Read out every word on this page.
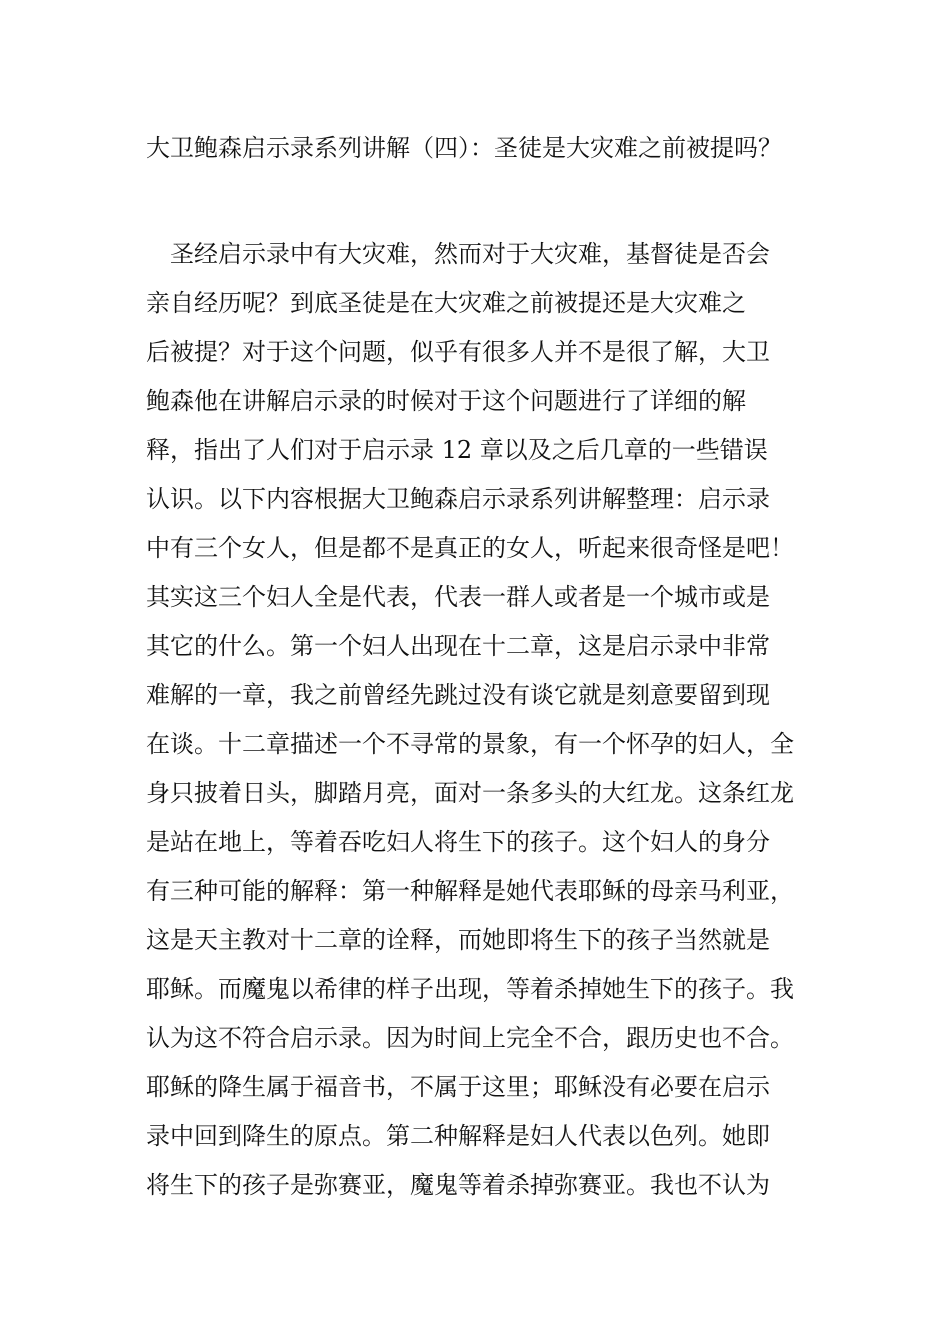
大卫鲍森启示录系列讲解（四）：圣徒是大灾难之前被提吗？
圣经启示录中有大灾难，然而对于大灾难，基督徒是否会
亲自经历呢？到底圣徒是在大灾难之前被提还是大灾难之
后被提？对于这个问题，似乎有很多人并不是很了解，大卫
鲍森他在讲解启示录的时候对于这个问题进行了详细的解
释，指出了人们对于启示录 12 章以及之后几章的一些错误
认识。以下内容根据大卫鲍森启示录系列讲解整理：启示录
中有三个女人，但是都不是真正的女人，听起来很奇怪是吧！
其实这三个妇人全是代表，代表一群人或者是一个城市或是
其它的什么。第一个妇人出现在十二章，这是启示录中非常
难解的一章，我之前曾经先跳过没有谈它就是刻意要留到现
在谈。十二章描述一个不寻常的景象，有一个怀孕的妇人，全
身只披着日头，脚踏月亮，面对一条多头的大红龙。这条红龙
是站在地上，等着吞吃妇人将生下的孩子。这个妇人的身分
有三种可能的解释：第一种解释是她代表耶稣的母亲马利亚，
这是天主教对十二章的诠释，而她即将生下的孩子当然就是
耶稣。而魔鬼以希律的样子出现，等着杀掉她生下的孩子。我
认为这不符合启示录。因为时间上完全不合，跟历史也不合。
耶稣的降生属于福音书，不属于这里；耶稣没有必要在启示
录中回到降生的原点。第二种解释是妇人代表以色列。她即
将生下的孩子是弥赛亚，魔鬼等着杀掉弥赛亚。我也不认为
